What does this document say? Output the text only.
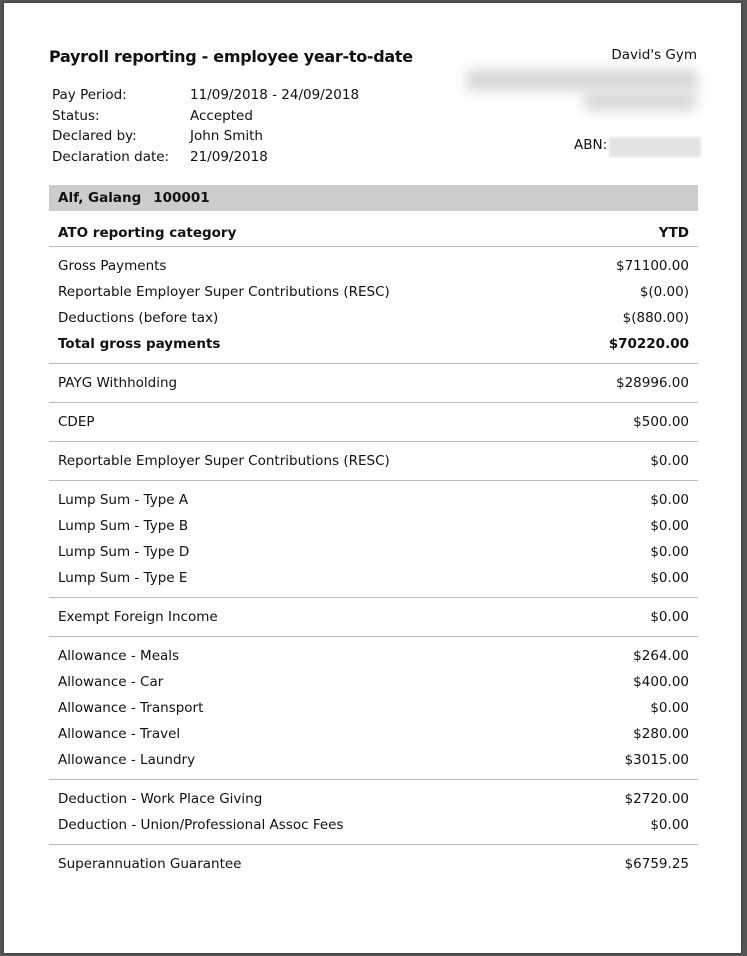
Payroll reporting - employee year-to-date	David's Gym
Pay Period:	11/09/2018 - 24/09/2018
Status:	Accepted
Declared by:	John Smith
Declaration date:	21/09/2018
ABN:
Alf, Galang 100001
ATO reporting category	YTD
Gross Payments	$71100.00
Reportable Employer Super Contributions (RESC)	$(0.00)
Deductions (before tax)	$(880.00)
Total gross payments	$70220.00
PAYG Withholding	$28996.00
CDEP	$500.00
Reportable Employer Super Contributions (RESC)	$0.00
Lump Sum - Type A	$0.00
Lump Sum - Type B	$0.00
Lump Sum - Type D	$0.00
Lump Sum - Type E	$0.00
Exempt Foreign Income	$0.00
Allowance - Meals	$264.00
Allowance - Car	$400.00
Allowance - Transport	$0.00
Allowance - Travel	$280.00
Allowance - Laundry	$3015.00
Deduction - Work Place Giving	$2720.00
Deduction - Union/Professional Assoc Fees	$0.00
Superannuation Guarantee	$6759.25
